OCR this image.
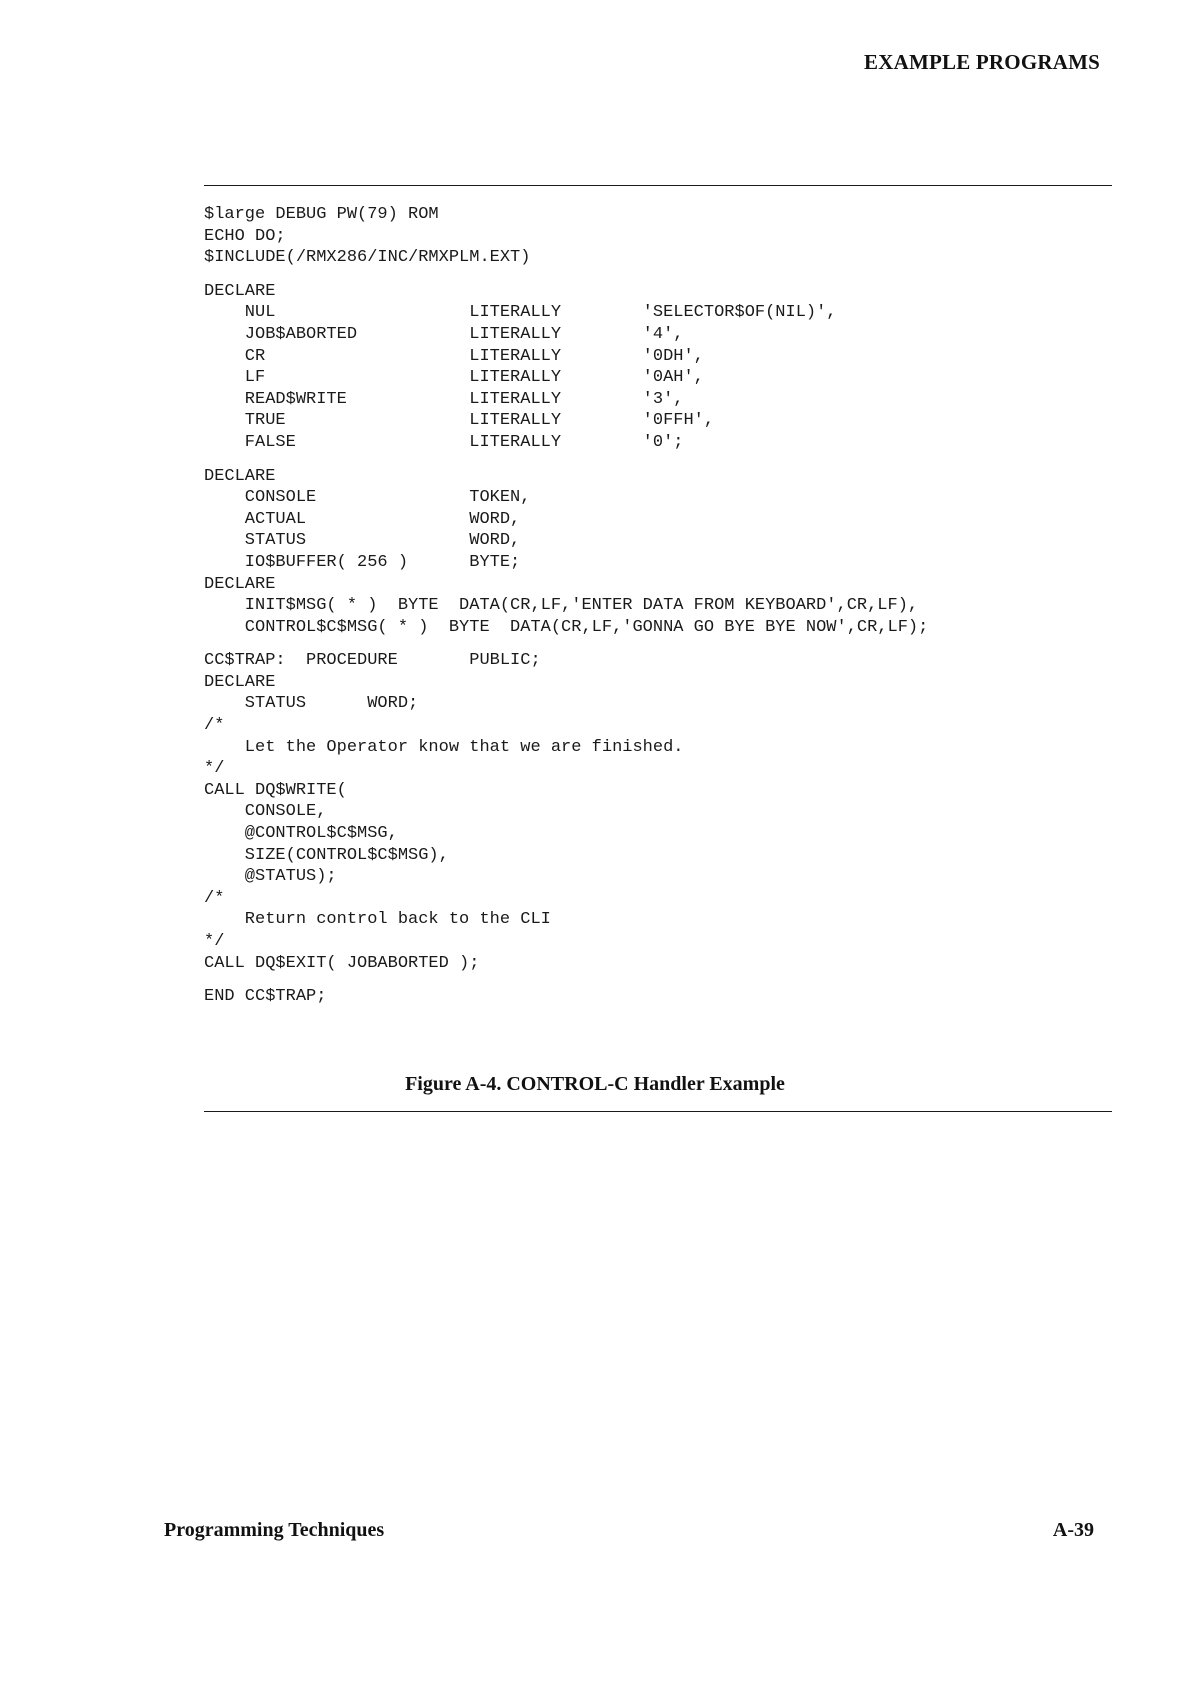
EXAMPLE PROGRAMS
$large DEBUG PW(79) ROM
ECHO DO;
$INCLUDE(/RMX286/INC/RMXPLM.EXT)
DECLARE
NUL                   LITERALLY        'SELECTOR$OF(NIL)',
JOB$ABORTED           LITERALLY        '4',
CR                    LITERALLY        '0DH',
LF                    LITERALLY        '0AH',
READ$WRITE            LITERALLY        '3',
TRUE                  LITERALLY        '0FFH',
FALSE                 LITERALLY        '0';
DECLARE
CONSOLE               TOKEN,
ACTUAL                WORD,
STATUS                WORD,
IO$BUFFER( 256 )      BYTE;
DECLARE
INIT$MSG( * )  BYTE  DATA(CR,LF,'ENTER DATA FROM KEYBOARD',CR,LF),
CONTROL$C$MSG( * )  BYTE  DATA(CR,LF,'GONNA GO BYE BYE NOW',CR,LF);
CC$TRAP:  PROCEDURE       PUBLIC;
DECLARE
STATUS      WORD;
/*
Let the Operator know that we are finished.
*/
CALL DQ$WRITE(
CONSOLE,
@CONTROL$C$MSG,
SIZE(CONTROL$C$MSG),
@STATUS);
/*
Return control back to the CLI
*/
CALL DQ$EXIT( JOBABORTED );
END CC$TRAP;
Figure A-4. CONTROL-C Handler Example
Programming Techniques	A-39
